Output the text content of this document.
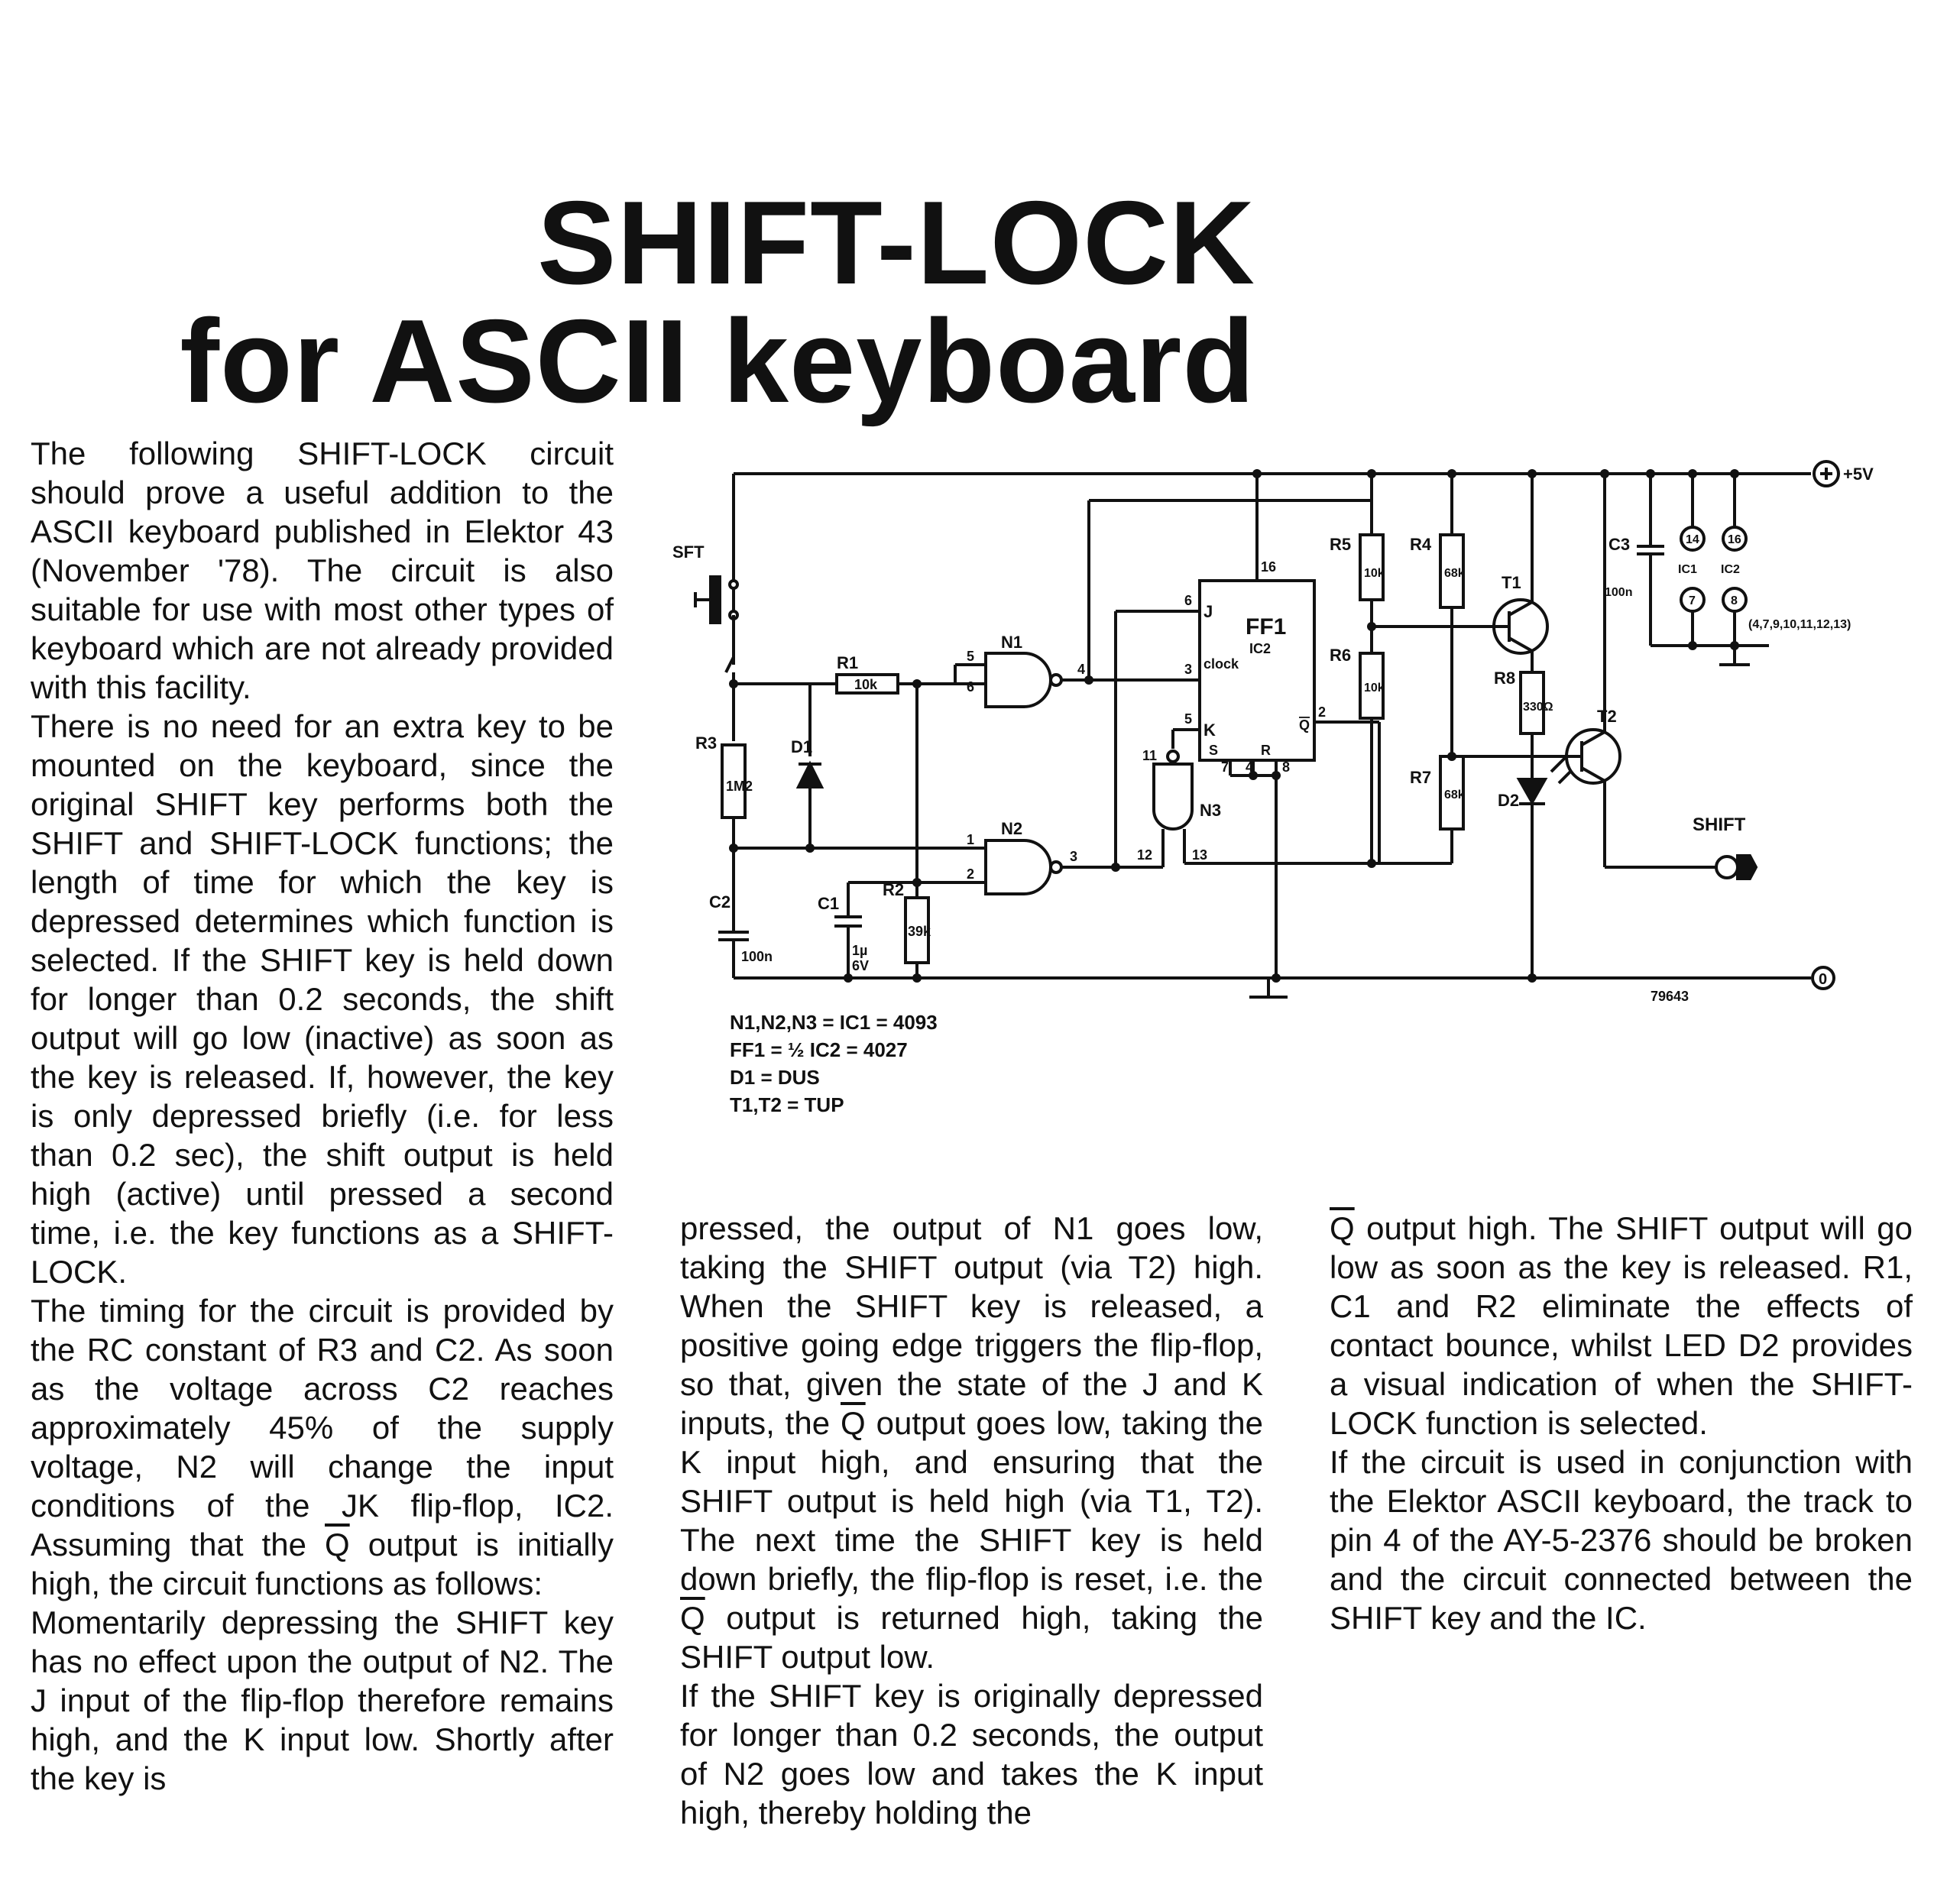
SHIFT-LOCK
for ASCII keyboard

The following SHIFT-LOCK circuit should prove a useful addition to the ASCII keyboard published in Elektor 43 (November '78). The circuit is also suitable for use with most other types of keyboard which are not already provided with this facility.

There is no need for an extra key to be mounted on the keyboard, since the original SHIFT key performs both the SHIFT and SHIFT-LOCK functions; the length of time for which the key is depressed determines which function is selected. If the SHIFT key is held down for longer than 0.2 seconds, the shift output will go low (inactive) as soon as the key is released. If, however, the key is only depressed briefly (i.e. for less than 0.2 sec), the shift output is held high (active) until pressed a second time, i.e. the key functions as a SHIFT-LOCK.

The timing for the circuit is provided by the RC constant of R3 and C2. As soon as the voltage across C2 reaches approximately 45% of the supply voltage, N2 will change the input conditions of the JK flip-flop, IC2. Assuming that the $\overline{Q}$ output is initially high, the circuit functions as follows:

Momentarily depressing the SHIFT key has no effect upon the output of N2. The J input of the flip-flop therefore remains high, and the K input low. Shortly after the key is

pressed, the output of N1 goes low, taking the SHIFT output (via T2) high. When the SHIFT key is released, a positive going edge triggers the flip-flop, so that, given the state of the J and K inputs, the $\overline{Q}$ output goes low, taking the K input high, and ensuring that the SHIFT output is held high (via T1, T2). The next time the SHIFT key is held down briefly, the flip-flop is reset, i.e. the $\overline{Q}$ output is returned high, taking the SHIFT output low.

If the SHIFT key is originally depressed for longer than 0.2 seconds, the output of N2 goes low and takes the K input high, thereby holding the

$\overline{Q}$ output high. The SHIFT output will go low as soon as the key is released. R1, C1 and R2 eliminate the effects of contact bounce, whilst LED D2 provides a visual indication of when the SHIFT-LOCK function is selected.

If the circuit is used in conjunction with the Elektor ASCII keyboard, the track to pin 4 of the AY-5-2376 should be broken and the circuit connected between the SHIFT key and the IC.

+5V
0
SFT
R1
10k
R3
1M2
D1
C2
100n
C1
1µ
6V
R2
39k
N1
N2
N3
FF1
IC2
clock
J
K
S	R
Q
4
5
6
1
2
3
3
6
5	2
7 4 8
16
11
12	13
R5
10k
R6
10k
R4
68k
R7
68k
R8
330Ω
D2
T1
T2
SHIFT
C3
100n
IC1 IC2
14 16
7	8
(4,7,9,10,11,12,13)
79643
N1,N2,N3 = IC1 = 4093
FF1 = ½ IC2 = 4027
D1 = DUS
T1,T2 = TUP
